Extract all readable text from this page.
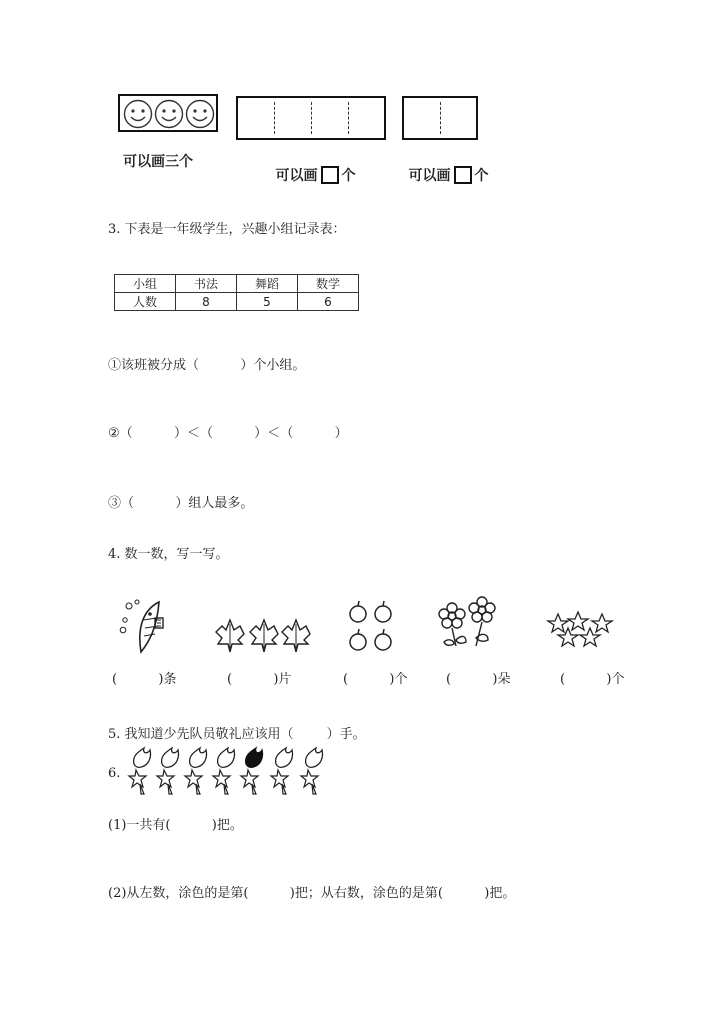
可以画三个

可以画 个
	可以画 个

3. 下表是一年级学生，兴趣小组记录表：
小组	书法	舞蹈	数学
人数	8	5	6
①该班被分成（          ）个小组。
②（          ）＜（          ）＜（          ）
③（          ）组人最多。
4. 数一数，写一写。
(          )条	(          )片	(          )个	(          )朵	(          )个
5. 我知道少先队员敬礼应该用（        ）手。
6.
(1)一共有(          )把。
(2)从左数，涂色的是第(          )把；从右数，涂色的是第(          )把。
